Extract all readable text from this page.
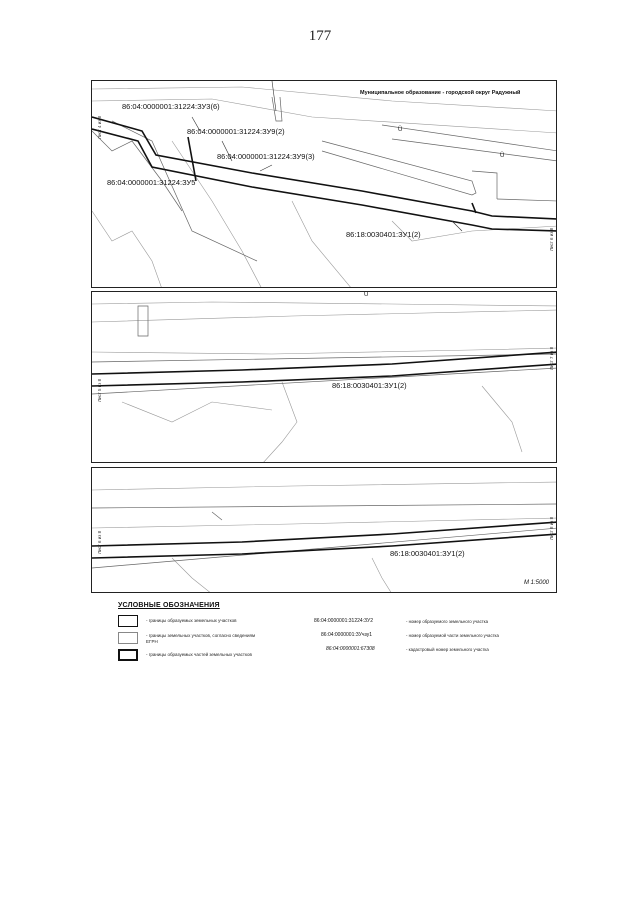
177
Муниципальное образование - городской округ Радужный
86:04:0000001:31224:ЗУ3(6)
86:04:0000001:31224:ЗУ9(2)
86:04:0000001:31224:ЗУ9(3)
86:04:0000001:31224:ЗУ5
86:18:0030401:ЗУ1(2)
Ü
Ü
Лист 4 из 8
Лист 6 из 8
86:18:0030401:ЗУ1(2)
Ü
Лист 5 из 8
Лист 7 из 8
86:18:0030401:ЗУ1(2)
М 1:5000
Лист 6 из 8
Лист 8 из 8
УСЛОВНЫЕ ОБОЗНАЧЕНИЯ
- границы образуемых земельных участков
- границы земельных участков, согласно сведениям ЕГРН
- границы образуемых частей земельных участков
86:04:0000001:31224:ЗУ2	- номер образуемого земельного участка
86:04:0000001:ЗУчзу1	- номер образуемой части земельного участка
86:04:0000001:67308	- кадастровый номер земельного участка
